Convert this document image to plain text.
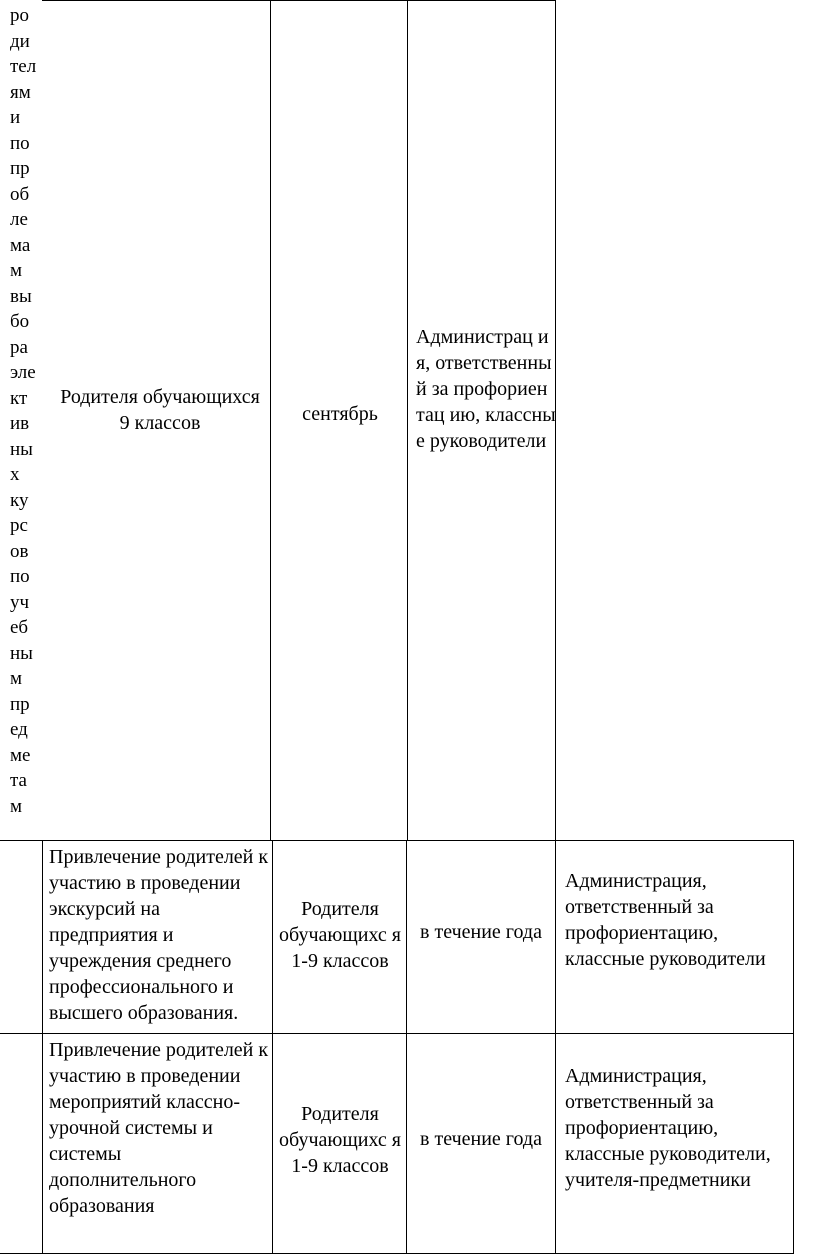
ро
ди
тел
ям
и
по
пр
об
ле
ма
м
вы
бо
ра
эле
кт
ив
ны
х
ку
рс
ов
по
уч
еб
ны
м
пр
ед
ме
та
м
Родителя обучающихся 9 классов	сентябрь
Администрац ия, ответственны й за профориентац ию, классные руководители
Привлечение родителей к участию в проведении экскурсий на предприятия и учреждения среднего профессионального и высшего образования.
Родителя обучающихс я 1-9 классов
в течение года
Администрация, ответственный за профориентацию, классные руководители
Привлечение родителей к участию в проведении мероприятий классно-урочной системы и системы дополнительного образования
Родителя обучающихс я 1-9 классов
в течение года
Администрация, ответственный за профориентацию, классные руководители, учителя-предметники
